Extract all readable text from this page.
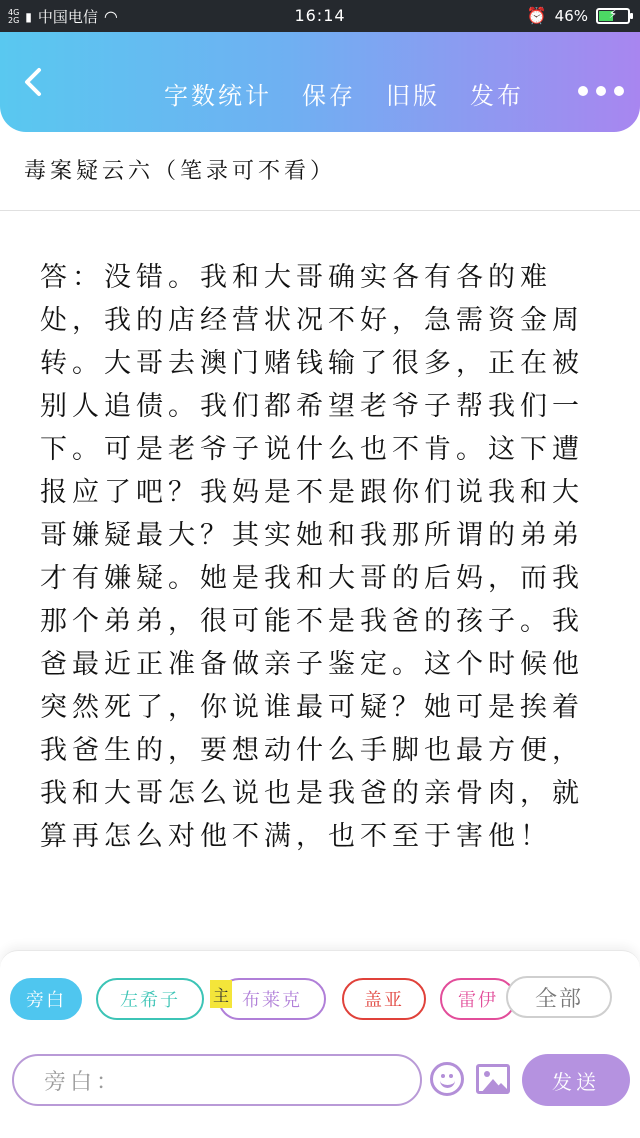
4G
2G ▮ 中国电信 ◠	16:14	⏰ 46%	⚡
字数统计 保存 旧版 发布
毒案疑云六（笔录可不看）
答：没错。我和大哥确实各有各的难处，我的店经营状况不好，急需资金周转。大哥去澳门赌钱输了很多，正在被别人追债。我们都希望老爷子帮我们一下。可是老爷子说什么也不肯。这下遭报应了吧？我妈是不是跟你们说我和大哥嫌疑最大？其实她和我那所谓的弟弟才有嫌疑。她是我和大哥的后妈，而我那个弟弟，很可能不是我爸的孩子。我爸最近正准备做亲子鉴定。这个时候他突然死了，你说谁最可疑？她可是挨着我爸生的，要想动什么手脚也最方便，我和大哥怎么说也是我爸的亲骨肉，就算再怎么对他不满，也不至于害他！
旁白	左希子	主 布莱克	盖亚	雷伊	全部
旁白：	发送
